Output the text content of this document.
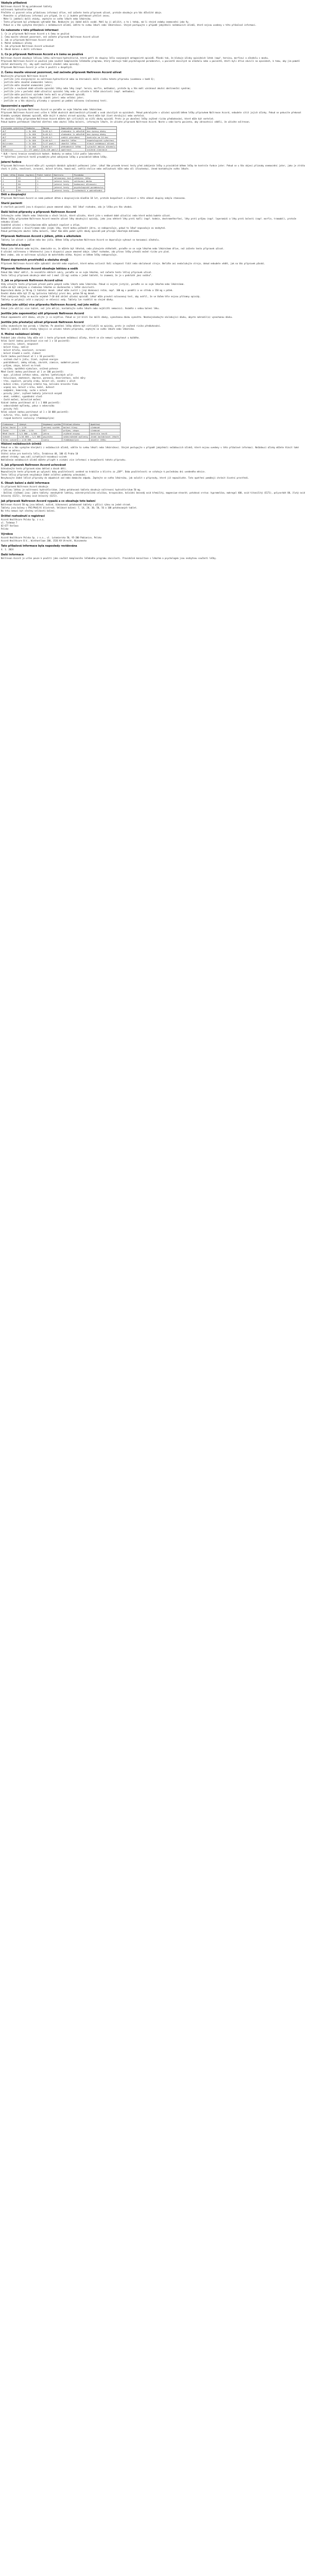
Vázbyla příbalová
Naltrexon Accord 50 mg potahované tablety
naltrexoni hydrochloridum
Přečtěte si pozorně celou příbalovou informaci dříve, než začnete tento přípravek užívat, protože obsahuje pro Vás důležité údaje.
- Ponechte si příbalovou informaci pro případ, že si ji budete potřebovat přečíst znovu.
- Máte-li jakékoli další otázky, zeptejte se svého lékaře nebo lékárníka.
- Tento přípravek byl předepsán výhradně Vám. Nedávejte jej žádné další osobě. Mohl by jí ublížit, a to i tehdy, má-li stejné známky onemocnění jako Vy.
- Pokud se u Vás vyskytne kterýkoli z nežádoucích účinků, sdělte to svému lékaři nebo lékárníkovi. Stejně postupujte v případě jakýchkoli nežádoucích účinků, které nejsou uvedeny v této příbalové informaci.
Co naleznete v této příbalové informaci
1. Co je přípravek Naltrexon Accord a k čemu se používá
2. Čemu musíte věnovat pozornost, než začnete přípravek Naltrexon Accord užívat
3. Jak se přípravek Naltrexon Accord užívá
4. Možné nežádoucí účinky
5. Jak přípravek Naltrexon Accord uchovávat
6. Obsah balení a další informace
1. Co je přípravek Naltrexon Accord a k čemu se používá
Naltrexon Accord obsahuje léčivou látku naltrexon-hydrochlorid, která patří do skupiny léčiv nazývaných antagonisté opioidů. Působí tak, že blokuje účinky opioidních látek (např. heroinu, morfinu) a alkoholu v mozku.
Přípravek Naltrexon Accord se používá jako součást komplexního léčebného programu, který zahrnuje také psychologické poradenství, u pacientů závislých na alkoholu nebo u pacientů, kteří byli dříve závislí na opioidech, k tomu, aby jim pomohl zůstat abstinenty (tj. aby opět neužívali alkohol nebo opioidy).
Přípravek Naltrexon Accord je určen k použití u dospělých.
2. Čemu musíte věnovat pozornost, než začnete přípravek Naltrexon Accord užívat
Neužívejte přípravek Naltrexon Accord
- jestliže jste alergický(á) na naltrexon-hydrochlorid nebo na kteroukoli další složku tohoto přípravku (uvedenou v bodě 6);
- jestliže máte závažné onemocnění ledvin;
- jestliže máte závažné onemocnění jater;
- jestliže v současné době užíváte opioidní látky nebo léky (např. heroin, morfin, methadon), protože by u Vás mohl vzniknout akutní abstinenční syndrom;
- jestliže jste v poslední době užíval(a) opioidní léky nebo je užíváte k léčbě závislosti (např. methadon);
- jestliže máte pozitivní výsledek testu moči na přítomnost opioidů;
- jestliže máte akutní hepatitidu (zánět jater) nebo selhání jater;
- jestliže se u Vás objevily příznaky z vysazení po podání naloxonu (naloxonový test).
Upozornění a opatření
Před užitím přípravku Naltrexon Accord se poraďte se svým lékařem nebo lékárníkem.
Přípravek Naltrexon Accord není určen k léčbě akutních abstinenčních příznaků u osob závislých na opioidech. Pokud pokračujete v užívání opioidů během léčby přípravkem Naltrexon Accord, nebudete cítit jejich účinky. Pokud se pokusíte překonat blokádu vysokými dávkami opioidů, může dojít k akutní otravě opioidy, která může být život ohrožující nebo smrtelná.
Po ukončení léčby přípravkem Naltrexon Accord můžete být citlivější na nižší dávky opioidů. Proto je po ukončení léčby zvýšené riziko předávkování, které může být smrtelné.
Pokud budete potřebovat lékařské ošetření nebo akutní léčbu bolesti, informujte lékaře, že užíváte přípravek Naltrexon Accord. Noste u sebe kartu pacienta, aby zdravotníci věděli, že užíváte naltrexon.
Výsledek vyšetření	Hodnota	Norma	Doporučený postup	Poznámka
ALT	< 3× ULN	0–40 U/l	sledování 1× měsíčně	bez úpravy dávky
AST	< 3× ULN	0–40 U/l	sledování 1× měsíčně	bez úpravy dávky
ALT	3–5× ULN	0–40 U/l	zvážit přerušení	kontrola za 14 dní
AST	> 5× ULN	0–40 U/l	ukončit léčbu	hepatologické vyšetření
Bilirubin	> 2× ULN	3–17 µmol/l	ukončit léčbu	hlásit nežádoucí účinek
GMT	> 3× ULN	0–60 U/l	přehodnotit léčbu	vyloučit abúzus alkoholu
Kreatinin	> 177 µmol/l	44–110 µmol/l	opatrnost	snížená clearance
* ULN – horní hranice normálních hodnot. Hodnoty se mohou lišit podle laboratoře.
** Vyšetření jaterních testů provádějte před zahájením léčby a pravidelně během léčby.
Jaterní funkce
Přípravek Naltrexon Accord může při vysokých dávkách způsobit poškození jater. Lékař Vám provede krevní testy před zahájením léčby a pravidelně během léčby ke kontrole funkce jater. Pokud se u Vás objeví příznaky onemocnění jater, jako je ztráta chuti k jídlu, nevolnost, zvracení, bolest břicha, tmavá moč, světlá stolice nebo zežloutnutí kůže nebo očí (žloutenka), ihned kontaktujte svého lékaře.
Týden léčby	Dávka (mg/den)	Počet tablet	Kontrola	Poznámka
1	25	1/2	naloxonový test	zahájení léčby
2	50	1	jaterní testy	udržovací dávka
4	50	1	jaterní testy	hodnocení účinnosti
8	50	1	jaterní testy	psychologické poradenství
12	50	1	jaterní testy	rozhodnutí o pokračování
Děti a dospívající
Přípravek Naltrexon Accord se nemá podávat dětem a dospívajícím mladším 18 let, protože bezpečnost a účinnost u této věkové skupiny nebyla stanovena.
Starší pacienti
U starších pacientů jsou k dispozici pouze omezené údaje. Váš lékař rozhodne, zda je léčba pro Vás vhodná.
Další léčivé přípravky a přípravek Naltrexon Accord
Informujte svého lékaře nebo lékárníka o všech lécích, které užíváte, které jste v nedávné době užíval(a) nebo které možná budete užívat.
Během léčby přípravkem Naltrexon Accord nesmíte užívat léky obsahující opioidy, jako jsou některé léky proti kašli (např. kodein, dextromethorfan), léky proti průjmu (např. loperamid) a léky proti bolesti (např. morfin, tramadol), protože nebudou účinné.
Souběžné užívání s thioridazinem může způsobit ospalost a útlum.
Souběžné užívání s disulfiramem nebo jinými léky, které mohou poškodit játra, se nedoporučuje, pokud to lékař nepovažuje za nezbytné.
Pokud potřebujete akutní léčbu bolesti, lékař Vám může podat vyšší dávky opioidů pod přísným lékařským dohledem.
Přípravek Naltrexon Accord s jídlem, pitím a alkoholem
Tablety lze užívat s jídlem nebo bez jídla. Během léčby přípravkem Naltrexon Accord se doporučuje vyhnout se konzumaci alkoholu.
Těhotenství a kojení
Pokud jste těhotná nebo kojíte, domníváte se, že můžete být těhotná, nebo plánujete otěhotnět, poraďte se se svým lékařem nebo lékárníkem dříve, než začnete tento přípravek užívat.
O užívání naltrexonu v těhotenství jsou k dispozici pouze omezené údaje. Lékař rozhodne, zda přínos léčby převáží možné riziko pro plod.
Není známo, zda se naltrexon vylučuje do mateřského mléka. Kojení se během léčby nedoporučuje.
Řízení dopravních prostředků a obsluha strojů
Přípravek Naltrexon Accord může způsobit závratě nebo ospalost, které mohou ovlivnit Vaši schopnost řídit nebo obsluhovat stroje. Neřiďte ani neobsluhujte stroje, dokud nebudete vědět, jak na Vás přípravek působí.
Přípravek Naltrexon Accord obsahuje laktózu a sodík
Pokud Vám lékař sdělil, že nesnášíte některé cukry, poraďte se se svým lékařem, než začnete tento léčivý přípravek užívat.
Tento léčivý přípravek obsahuje méně než 1 mmol (23 mg) sodíku v jedné tabletě, to znamená, že je v podstatě „bez sodíku“.
3. Jak se přípravek Naltrexon Accord užívá
Vždy užívejte tento přípravek přesně podle pokynů svého lékaře nebo lékárníka. Pokud si nejste jistý(á), poraďte se se svým lékařem nebo lékárníkem.
Léčba má být zahájena a sledována lékařem se zkušenostmi v léčbě závislostí.
Doporučená dávka je 50 mg (1 tableta) denně. Lékař může zvolit i jiný dávkovací režim, např. 100 mg v pondělí a ve středu a 150 mg v pátek.
Úvodní dávka může být 25 mg (polovina tablety) první den, potom 50 mg denně.
Před zahájením léčby se musíte nejméně 7–10 dnů zdržet užívání opioidů. Lékař může provést naloxonový test, aby ověřil, že ve Vašem těle nejsou přítomny opioidy.
Tablety se polykají celé a zapíjejí se sklenicí vody. Tablety lze rozdělit na stejné dávky.
Jestliže jste užil(a) více přípravku Naltrexon Accord, než jste měl(a)
Pokud jste užil(a) více tablet, než jste měl(a), kontaktujte svého lékaře nebo nejbližší nemocnici. Vezměte s sebou balení léku.
Jestliže jste zapomněl(a) užít přípravek Naltrexon Accord
Pokud zapomenete užít dávku, užijte ji co nejdříve. Pokud se již blíží čas další dávky, vynechanou dávku vynechte. Nezdvojnásobujte následující dávku, abyste nahradil(a) vynechanou dávku.
Jestliže jste přestal(a) užívat přípravek Naltrexon Accord
Léčbu neukončujte bez porady s lékařem. Po ukončení léčby můžete být citlivější na opioidy, proto je zvýšené riziko předávkování.
Máte-li jakékoli další otázky týkající se užívání tohoto přípravku, zeptejte se svého lékaře nebo lékárníka.
4. Možné nežádoucí účinky
Podobně jako všechny léky může mít i tento přípravek nežádoucí účinky, které se ale nemusí vyskytnout u každého.
Velmi časté (mohou postihnout více než 1 z 10 pacientů):
- nervozita, úzkost, nespavost
- bolest hlavy, neklid
- bolest břicha, nevolnost, zvracení
- bolest kloubů a svalů, slabost
Časté (mohou postihnout až 1 z 10 pacientů):
- snížená chuť k jídlu, žízeň, zvýšená energie
- podrážděnost, změny nálady, závratě, zimnice, nadměrné pocení
- průjem, zácpa, bolest na hrudi
- vyrážka, opožděná ejakulace, snížená potence
Méně časté (mohou postihnout až 1 ze 100 pacientů):
- opar, plísňová infekce nohou, zduření lymfatických uzlin
- halucinace, zmatenost, deprese, paranoia, dezorientace, noční můry
- třes, ospalost, poruchy zraku, bolest očí, zvonění v uších
- bušení srdce, zrychlený srdeční tep, kolísání krevního tlaku
- ucpaný nos, bolest v krku, kašel, dušnost
- nadýmání, hemoroidy, sucho v ústech
- poruchy jater, zvýšené hodnoty jaterních enzymů
- akné, svědění, vypadávání vlasů
- časté močení, bolestivé močení
Vzácné (mohou postihnout až 1 z 1 000 pacientů):
- sebevražedné myšlenky, pokus o sebevraždu
- poruchy řeči
Velmi vzácné (mohou postihnout až 1 z 10 000 pacientů):
- euforie, třes, kožní vyrážka
- rozpad kosterní svaloviny (rhabdomyolýza)
Frekvence	Výskyt	Orgánový systém	Příklad účinku	Opatření
Velmi časté	> 1/10	nervový systém	bolest hlavy	sledovat
Časté	1/100 – 1/10	GIT	průjem, zácpa	sledovat
Méně časté	1/1 000 – 1/100	játra	zvýšené enzymy	kontrola testů
Vzácné	1/10 000 – 1/1 000	psychika	sebevražedné myšlenky	ihned kontaktovat lékaře
Velmi vzácné	< 1/10 000	svaly	rhabdomyolýza	ukončit léčbu
Hlášení nežádoucích účinků
Pokud se u Vás vyskytne kterýkoli z nežádoucích účinků, sdělte to svému lékaři nebo lékárníkovi. Stejně postupujte v případě jakýchkoli nežádoucích účinků, které nejsou uvedeny v této příbalové informaci. Nežádoucí účinky můžete hlásit také přímo na adresu:
Státní ústav pro kontrolu léčiv, Šrobárova 48, 100 41 Praha 10
webové stránky: www.sukl.cz/nahlasit-nezadouci-ucinek
Nahlášením nežádoucích účinků můžete přispět k získání více informací o bezpečnosti tohoto přípravku.
5. Jak přípravek Naltrexon Accord uchovávat
Uchovávejte tento přípravek mimo dohled a dosah dětí.
Nepoužívejte tento přípravek po uplynutí doby použitelnosti uvedené na krabičce a blistru za „EXP“. Doba použitelnosti se vztahuje k poslednímu dni uvedeného měsíce.
Tento léčivý přípravek nevyžaduje žádné zvláštní podmínky uchovávání.
Nevyhazujte žádné léčivé přípravky do odpadních vod nebo domácího odpadu. Zeptejte se svého lékárníka, jak naložit s přípravky, které již nepoužíváte. Tato opatření pomáhají chránit životní prostředí.
6. Obsah balení a další informace
Co přípravek Naltrexon Accord obsahuje
- Léčivou látkou je naltrexoni hydrochloridum. Jedna potahovaná tableta obsahuje naltrexoni hydrochloridum 50 mg.
- Dalšími složkami jsou: jádro tablety: monohydrát laktózy, mikrokrystalická celulóza, krospovidon, koloidní bezvodý oxid křemičitý, magnesium-stearát; potahová vrstva: hypromelóza, makrogol 400, oxid titaničitý (E171), polysorbát 80, žlutý oxid železitý (E172), červený oxid železitý (E172).
Jak přípravek Naltrexon Accord vypadá a co obsahuje toto balení
Naltrexon Accord 50 mg jsou béžové, oválné, bikonvexní potahované tablety s půlicí rýhou na jedné straně.
Tablety jsou baleny v PVC/PVdC/Al blistrech. Velikost balení: 7, 14, 28, 30, 50, 56 a 100 potahovaných tablet.
Na trhu nemusí být všechny velikosti balení.
Držitel rozhodnutí o registraci
Accord Healthcare Polska Sp. z o.o.
ul. Taśmowa 7
02-677 Varšava
Polsko
Výrobce
Accord Healthcare Polska Sp. z o.o., ul. Lutomierska 50, 95-200 Pabianice, Polsko
Accord Healthcare B.V., Winthontlaan 200, 3526 KV Utrecht, Nizozemsko
Tato příbalová informace byla naposledy revidována
4. 1. 2024
Další informace
Naltrexon Accord je určen pouze k použití jako součást komplexního léčebného programu závislosti. Pravidelné konzultace s lékařem a psychologem jsou nezbytnou součástí léčby.
